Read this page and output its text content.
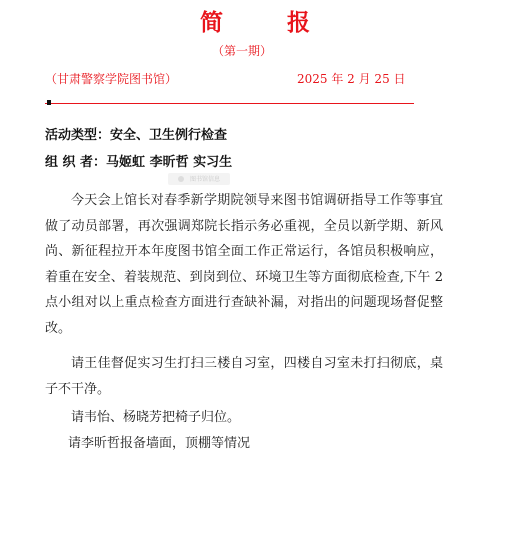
简 报
（第一期）
（甘肃警察学院图书馆）	2025 年 2 月 25 日
活动类型：安全、卫生例行检查
组 织 者：马姬虹 李昕哲 实习生
图书馆信息
今天会上馆长对春季新学期院领导来图书馆调研指导工作等事宜做了动员部署，再次强调郑院长指示务必重视，全员以新学期、新风尚、新征程拉开本年度图书馆全面工作正常运行，各馆员积极响应，着重在安全、着装规范、到岗到位、环境卫生等方面彻底检查,下午 2 点小组对以上重点检查方面进行查缺补漏，对指出的问题现场督促整改。
请王佳督促实习生打扫三楼自习室，四楼自习室未打扫彻底，桌子不干净。
请韦怡、杨晓芳把椅子归位。
请李昕哲报备墙面，顶棚等情况
